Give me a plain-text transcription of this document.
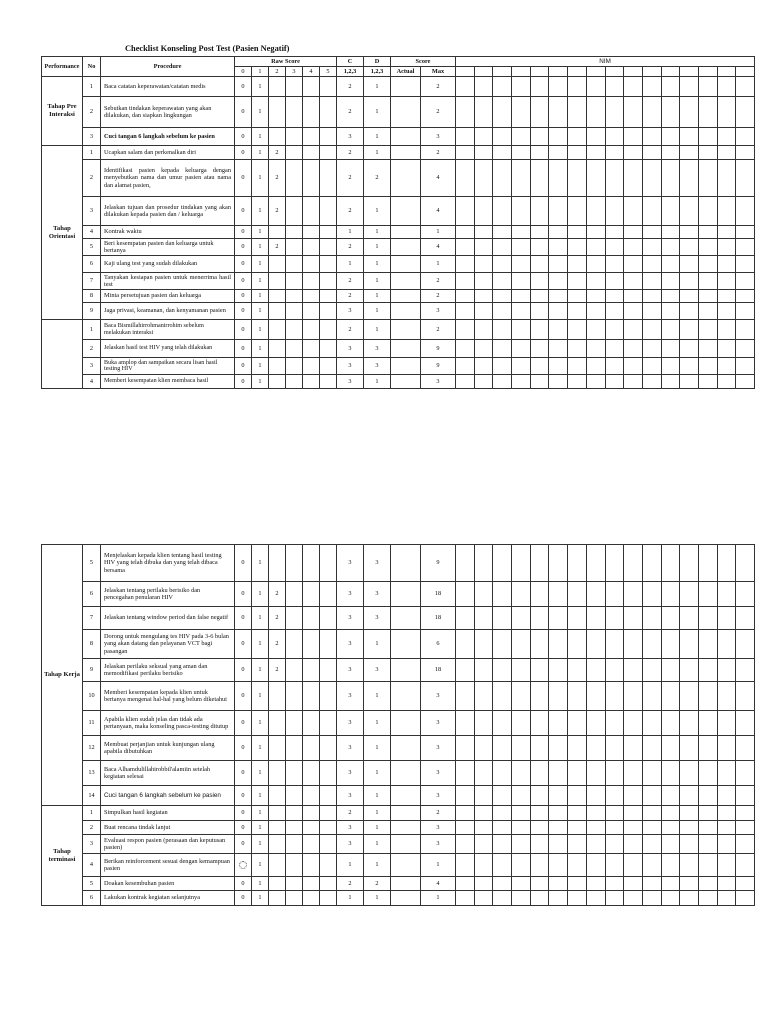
Checklist Konseling Post Test (Pasien Negatif)
Performance	No	Procedure	Raw Score						C	D	Score		NIM															
			0	1	2	3	4	5	1,2,3	1,2,3	Actual	Max																
Tahap Pre Interaksi	1	Baca catatan keperawatan/catatan medis	0	1					2	1		2																
	2	Sebutkan tindakan keperawatan yang akan dilakukan, dan siapkan lingkungan	0	1					2	1		2																
	3	Cuci tangan 6 langkah sebelum ke pasien	0	1					3	1		3																
Tahap Orientasi	1	Ucapkan salam dan perkenalkan diri	0	1	2				2	1		2																
	2	Identifikasi pasien kepada keluarga dengan menyebutkan nama dan umur pasien atau nama dan alamat pasien,	0	1	2				2	2		4																
	3	Jelaskan tujuan dan prosedur tindakan yang akan dilakukan kepada pasien dan / keluarga	0	1	2				2	1		4																
	4	Kontrak waktu	0	1					1	1		1																
	5	Beri kesempatan pasien dan keluarga untuk bertanya	0	1	2				2	1		4																
	6	Kaji ulang test yang sudah dilakukan	0	1					1	1		1																
	7	Tanyakan kesiapan pasien untuk menerrima hasil test	0	1					2	1		2																
	8	Minta persetujuan pasien dan keluarga	0	1					2	1		2																
	9	Jaga privasi, keamanan, dan kenyamanan pasien	0	1					3	1		3																
	1	Baca Bismillahirrohmanirrohim sebelum melakukan interaksi	0	1					2	1		2																
	2	Jelaskan hasil test HIV yang telah dilakukan	0	1					3	3		9																
	3	Buka amplop dan sampaikan secara lisan hasil testing HIV	0	1					3	3		9																
	4	Memberi kesempatan klien membaca hasil	0	1					3	1		3																
Tahap Kerja	5	Menjelaskan kepada klien tentang hasil testing HIV yang telah dibuka dan yang telah dibaca bersama	0	1					3	3		9																
	6	Jelaskan tentang perilaku berisiko dan pencegahan penularan HIV	0	1	2				3	3		18																
	7	Jelaskan tentang window period dan false negatif	0	1	2				3	3		18																
	8	Dorong untuk mengulang tes HIV pada 3-6 bulan yang akan datang dan pelayanan VCT bagi pasangan	0	1	2				3	1		6																
	9	Jelaskan perilaku seksual yang aman dan memodifikasi perilaku berisiko	0	1	2				3	3		18																
	10	Memberi kesempatan kepada klien untuk bertanya mengenai hal-hal yang belum diketahui	0	1					3	1		3																
	11	Apabila klien sudah jelas dan tidak ada pertanyaan, maka konseling pasca-testing ditutup	0	1					3	1		3																
	12	Membuat perjanjian untuk kunjungan ulang apabila dibutuhkan	0	1					3	1		3																
	13	Baca Alhamdulillahirobbil'alamiin setelah kegiatan selesai	0	1					3	1		3																
	14	Cuci tangan 6 langkah sebelum ke pasien	0	1					3	1		3																
Tahap terminasi	1	Simpulkan hasil kegiatan	0	1					2	1		2																
	2	Buat rencana tindak lanjut	0	1					3	1		3																
	3	Evaluasi respon pasien (perasaan dan keputusan pasien)	0	1					3	1		3																
	4	Berikan reinforcement sesuai dengan kemampuan pasien		1					1	1		1																
	5	Doakan kesembuhan pasien	0	1					2	2		4																
	6	Lakukan kontrak kegiatan selanjutnya	0	1					1	1		1																
